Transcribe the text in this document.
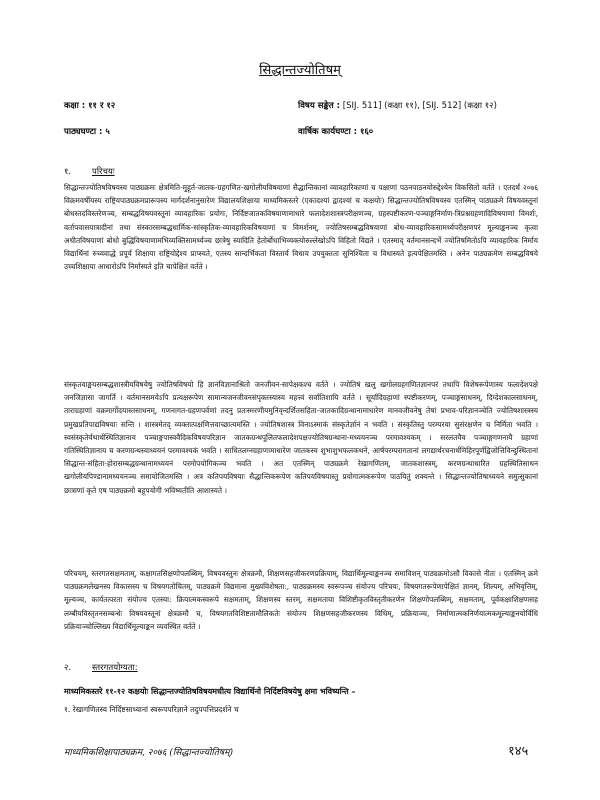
सिद्धान्तज्योतिषम्
कक्षा : ११ र १२	विषय सङ्केत : [SIJ. 511] (कक्षा ११), [SIJ. 512] (कक्षा १२)
पाठ्यघण्टा : ५	वार्षिक कार्यघण्टा : १६०
१. परिचयः

सिद्धान्तज्योतिषविषयस्य पाठ्यक्रमः क्षेत्रमिति-मुहूर्त-जातक-ग्रहगणित-खगोलीयविषयाणां सैद्धान्तिकानां व्यावहारिकाणां च पक्षाणां पठनपाठनयोरुद्देश्येन विकसितो वर्तते । एतदर्थं २०७६ विक्रमवर्षीयस्य राष्ट्रियपाठ्यक्रमप्रारूपस्य मार्गदर्शनानुसारेण विद्यालयशिक्षाया माध्यमिकस्तरे (एकादश्यां द्वादश्यां च कक्षयोः) सिद्धान्तज्योतिषविषयस्य एतस्मिन् पाठ्यक्रमे विषयवस्तूनां बोधस्तदविस्तरेणञ्च, सम्बद्धविषयवस्तूनां व्यावहारिकः प्रयोगः, निर्दिष्टजातकविषयाणामाधारे फलादेशशास्त्रपरीक्षणञ्च, ग्रहस्पष्टीकरण-पञ्चाङ्गनिर्माण-त्रिप्रश्नग्रहणादिविषयाणां विमर्शः, वर्तापवासयात्रादीनां तथा संस्कारसम्बद्धधार्मिक-सांस्कृतिक-व्यावहारिकविषयाणां च विमर्शनम्, ज्योतिषसम्बद्धविषयाणां बोध-व्यावहारिकसामर्थ्यपरीक्षणपरं मूल्याङ्कनञ्च कृत्वा अधीतविषयाणां बोधो बुद्धिविषयाणामभिव्यक्तिसामर्थ्यञ्च छात्रेषु स्यादिति हेतोर्बोधाभिव्यक्त्योरुल्लेखोऽपि विहितो विद्यते । एतस्माद् वर्तमानसन्दर्भे ज्योतिषमितोऽपि व्यावहारिक निर्माय विद्यार्थिनां रुच्यवाद्धे प्रपूर्य शिक्षाया राष्ट्रियोद्देश्य प्राप्स्यते, एतस्य सान्दर्भिकतां विस्तार्य विधाय उपयुक्तता सुनिश्चिता च विधास्यते इत्यपेक्षितमस्ति । अनेन पाठ्यक्रमेण सम्बद्धविषये उच्चशिक्षाया आधारोऽपि निर्मास्यते इति चापेक्षितं वर्तते ।

संस्कृतवाङ्मयसम्बद्धशास्त्रीयविषयेषु ज्योतिषविषयो हि ज्ञानविज्ञानाश्रितो जनजीवन-सापेक्षकश्च वर्तते । ज्योतिषं खलु खगोलग्रहगणितज्ञानपरं तथापि विशेषरूपेणास्य फलादेशपक्षे जनजिज्ञासा जागर्ति । वर्तमानसमयेऽपि प्रत्यक्षरूपेण सामान्यजनजीवनसंपृक्तस्यास्य महत्त्वं सर्वातिशायि वर्तते । सूर्यादिग्रहाणां स्पष्टीकरणम्, पञ्चाङ्गसाधनम्, दिग्देशकालसाधनम्, ताराग्रहाणां वक्रमार्गोदयास्तसाधनम्, गणनागत-ग्रहणपर्वणां तदनु प्रतःस्मरणीयमुनिवृन्दर्शितसहिता-जातकादिग्रन्थानामाधारेण मानवजीवनेषु तेषां प्रभाव-परिज्ञानञ्चेति ज्योतिषशास्त्रस्य प्रमुखप्रतिपाद्यविषयाः सन्ति । शास्त्रमेतद् व्यक्तात्पक्षणित्तवाच्छात्यमस्ति । ज्योतिषशास्त्र विनाऽस्माकं संस्कृतेर्ज्ञानं न भवति । संस्कृतिस्तु परम्परया सुसंरक्षणेन च निर्मिता भवति । स्वसंस्कृतेर्यथार्थस्थितिज्ञानाय पञ्चाङ्गपास्ववैदिकविषयपरिज्ञान जातकग्रन्थपूलितफलादेशपक्षज्योतिषग्रन्थाना-मध्ययनञ्च परमावश्यकम् । सरलतयैव पञ्चाङ्गगणनायै ग्रहाणां गतिस्थितिज्ञानाय च करणग्रन्थस्याध्ययनं परमावश्यकं भवति । साधितलग्नग्रहाणामाधारेण जातकस्य शुभाशुभफलकथने, आर्षपरम्परागतानां लगद्यार्थरचनार्थमिहिरपूर्णद्विजोत्तिविन्दुस्थितानां सिद्धान्त-संहिता-होरासम्बद्धग्रन्थानामध्ययनं परमोपयोगिकञ्च भवति । अत एतस्मिन् पाठ्यक्रमे रेखागणितम्, जातकशास्त्रम्, करणग्रन्थाधारित ग्रहस्थितिसाधन खगोलीयपिण्डानामध्ययनञ्च समायोजितमस्ति । अत्र कतिपयविषयाः सैद्धान्तिकरूपेण कतिपयविषयास्तु प्रयोगात्मकरूपेण पाठयितुं शक्यन्ते । सिद्धान्तज्योतिषाध्ययने समुत्सुकानां छात्राणां कृते एष पाठ्यक्रमो बहूपयोगी भविष्यतीति आशास्यते ।

परिचयम्, स्तरगतसक्षमताम्, कक्षागतसिक्षणोपलब्धिम्, विषयवस्तुनः क्षेत्रक्रमौ, शिक्षणसहजीकरणप्रक्रियाम्, विद्यार्थिमूल्याङ्कनञ्च समाविशन् पाठ्यक्रमोऽसौ विकासे नीतः । एतस्मिन् क्रमे पाठ्यक्रमलेखनस्य विकासस्य च विषयगतोचितम्, पाठ्यक्रमे विद्यमाना मुख्यविशेषता:, पाठ्यक्रमस्य स्वरूपञ्च संयोज्य परिचयः, विषयगतरूपेणापेक्षितं ज्ञानम्, शिल्पम्, अभिवृत्तिम्, मूल्यञ्च, कार्यतत्परता संयोज्य एतस्या: क्रियात्मकस्वरूपे सक्षमताम्, शिक्षणस्य स्तरम्, सक्षमताया विशिष्टीकृतविस्तृतीकरणेन शिक्षणोपलब्धिम्, सक्षमताम्, पूर्वकक्षाशिक्षणसह लम्बीयविस्तृतनसम्बन्धेः विषयवस्तूनां क्षेत्रक्रमौ च, विषयगतविशिष्टतामौलिकतेः संयोज्य शिक्षणसहजीकरणस्य विधिम्, प्रक्रियाञ्च, निर्माणात्मकनिर्णयात्मकमूल्याङ्कनयोर्विधि प्रक्रियाञ्चोल्लिख्य विद्यार्थिमूल्याङ्कन व्यवस्थित वर्तते ।

२. स्तरगतयोग्यता:
माध्यमिकस्तरे ११-१२ कक्षयोः सिद्धान्तज्योतिषविषयमधीत्य विद्यार्थिनो निर्दिष्टविषयेषु क्षमा भविष्यन्ति –
१. रेखागणितस्य निर्दिष्टसाध्यानां स्वरूपपरिज्ञाने तदुपपत्तिप्रदर्शने च
माध्यमिकशिक्षापाठ्यक्रम, २०७६ (सिद्धान्तज्योतिषम्)	१४५
